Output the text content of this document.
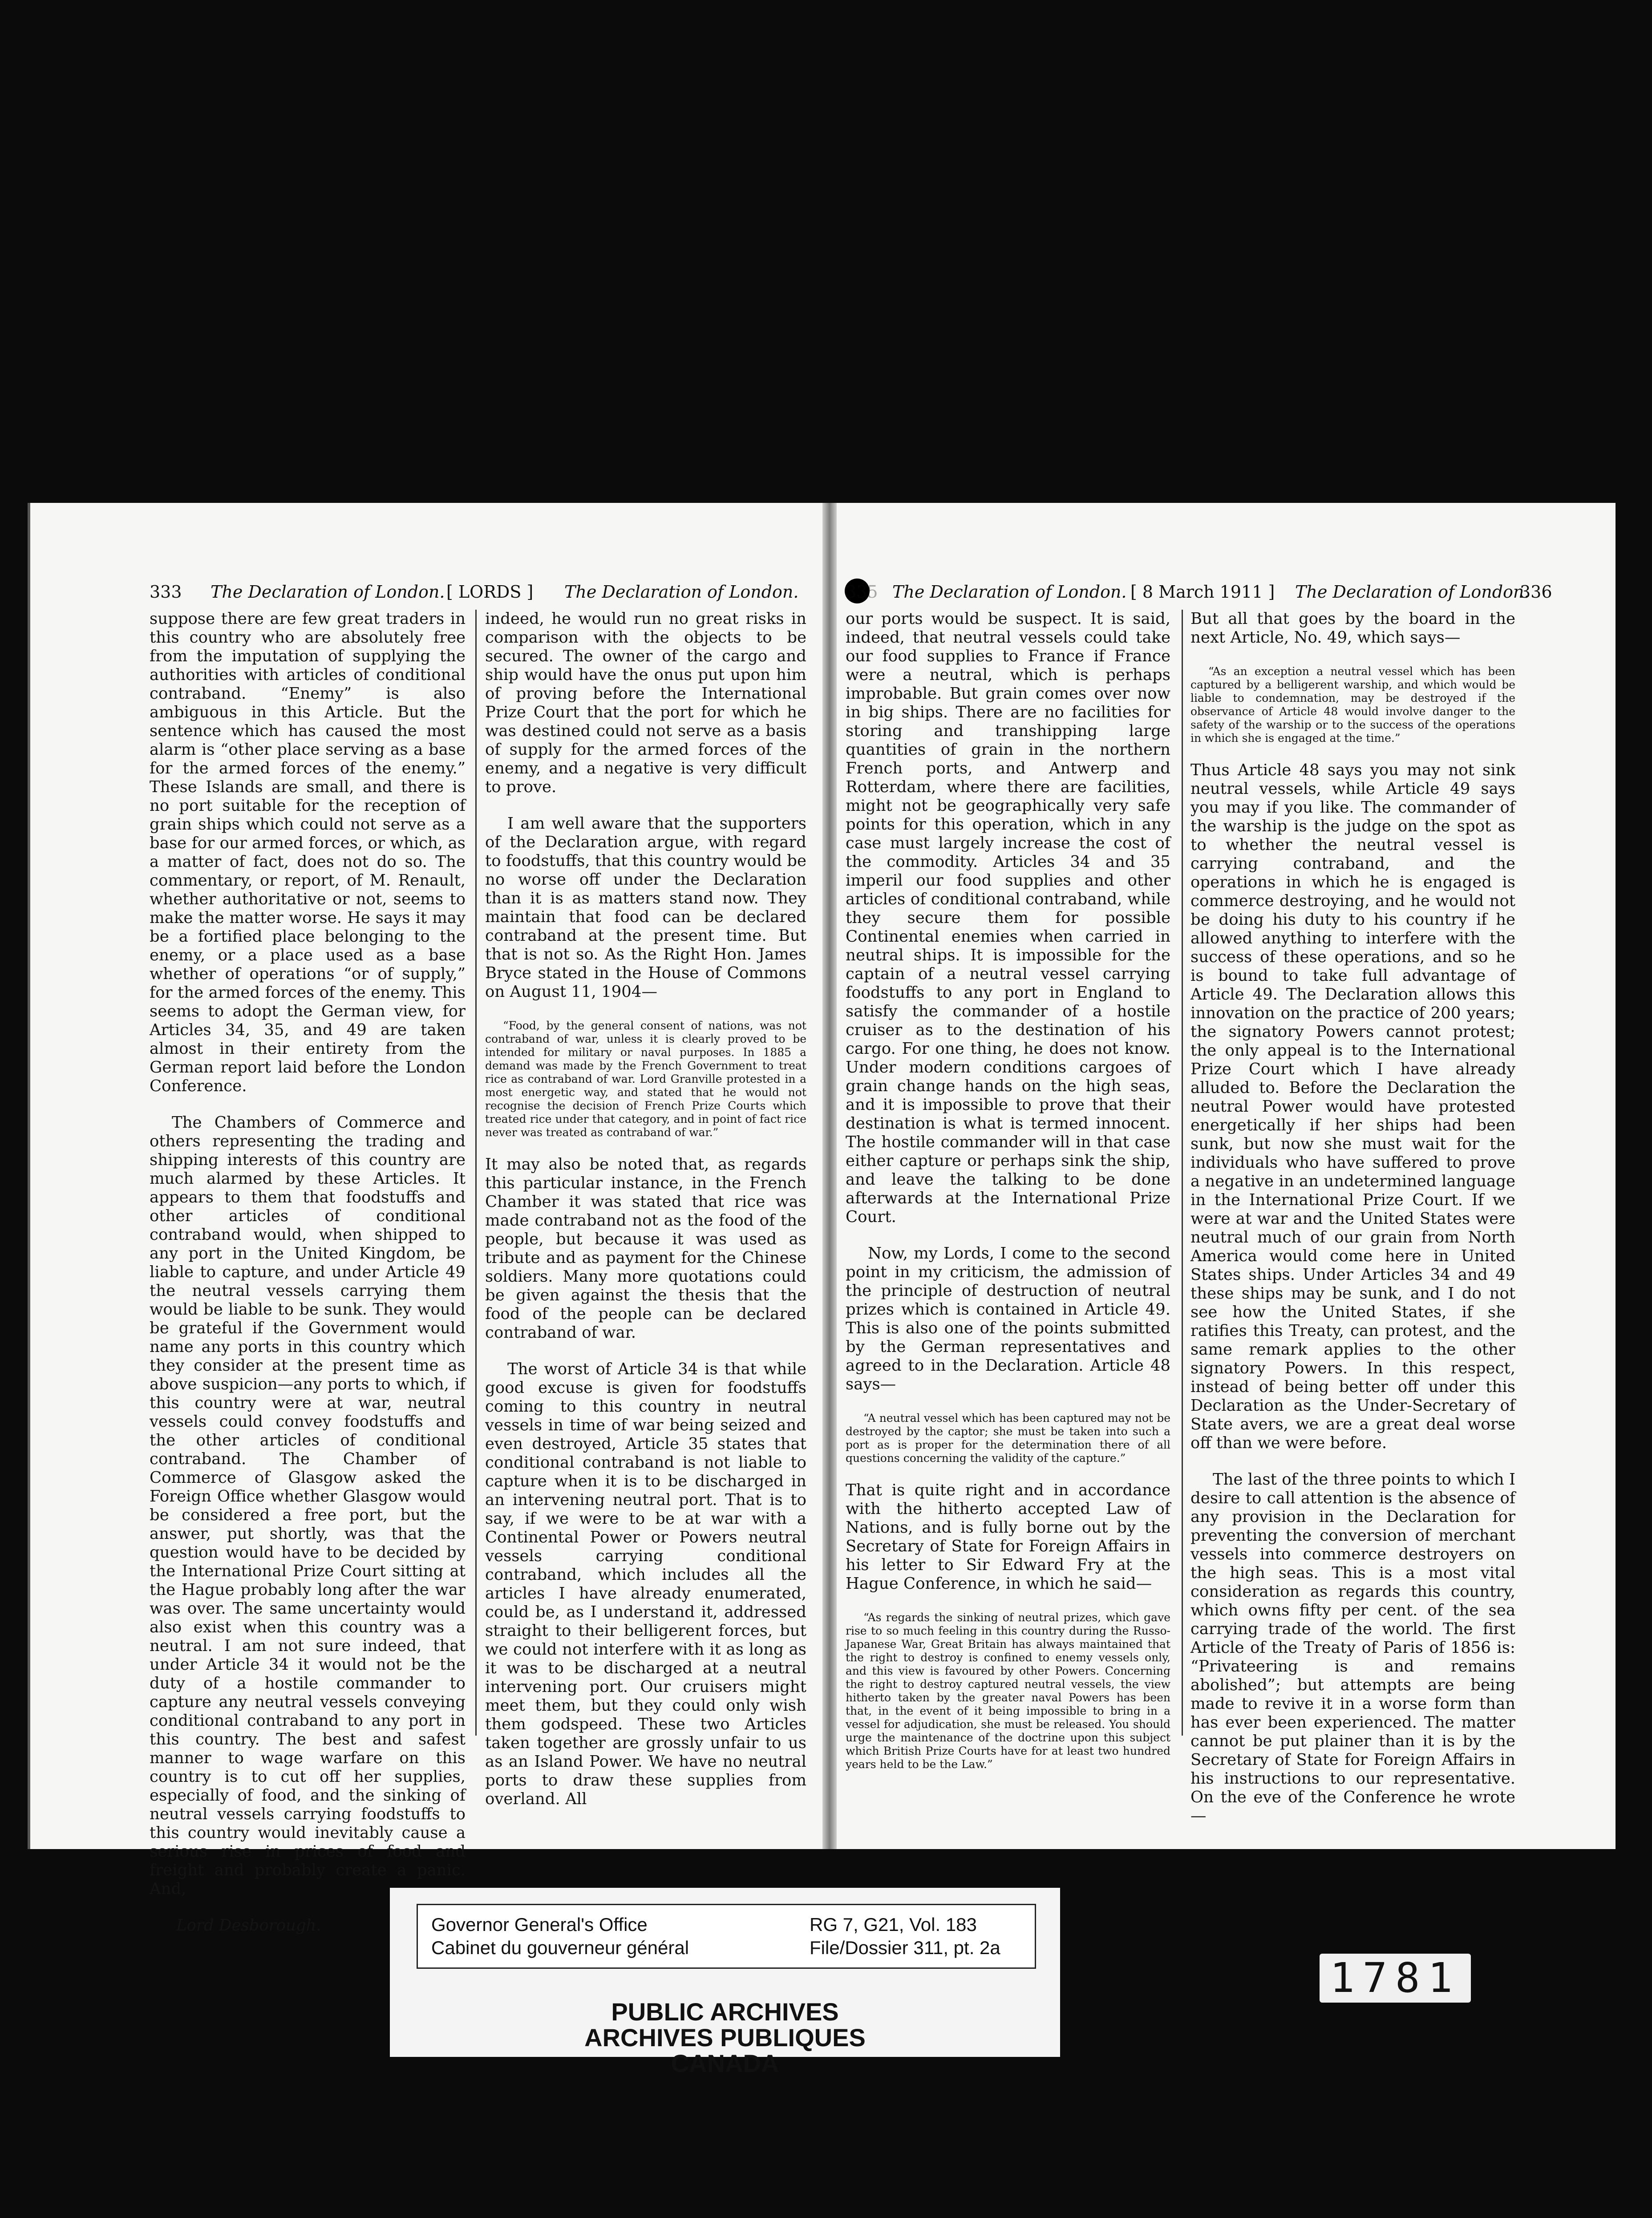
333 The Declaration of London. [ LORDS ] The Declaration of London.

suppose there are few great traders in this country who are absolutely free from the imputation of supplying the authorities with articles of conditional contraband. “Enemy” is also ambiguous in this Article. But the sentence which has caused the most alarm is “other place serving as a base for the armed forces of the enemy.” These Islands are small, and there is no port suitable for the reception of grain ships which could not serve as a base for our armed forces, or which, as a matter of fact, does not do so. The commentary, or report, of M. Renault, whether authoritative or not, seems to make the matter worse. He says it may be a fortified place belonging to the enemy, or a place used as a base whether of operations “or of supply,” for the armed forces of the enemy. This seems to adopt the German view, for Articles 34, 35, and 49 are taken almost in their entirety from the German report laid before the London Conference.

The Chambers of Commerce and others representing the trading and shipping interests of this country are much alarmed by these Articles. It appears to them that foodstuffs and other articles of conditional contraband would, when shipped to any port in the United Kingdom, be liable to capture, and under Article 49 the neutral vessels carrying them would be liable to be sunk. They would be grateful if the Government would name any ports in this country which they consider at the present time as above suspicion—any ports to which, if this country were at war, neutral vessels could convey foodstuffs and the other articles of conditional contraband. The Chamber of Commerce of Glasgow asked the Foreign Office whether Glasgow would be considered a free port, but the answer, put shortly, was that the question would have to be decided by the International Prize Court sitting at the Hague probably long after the war was over. The same uncertainty would also exist when this country was a neutral. I am not sure indeed, that under Article 34 it would not be the duty of a hostile commander to capture any neutral vessels conveying conditional contraband to any port in this country. The best and safest manner to wage warfare on this country is to cut off her supplies, especially of food, and the sinking of neutral vessels carrying foodstuffs to this country would inevitably cause a serious rise in prices of food and freight and probably create a panic. And,

Lord Desborough.

indeed, he would run no great risks in comparison with the objects to be secured. The owner of the cargo and ship would have the onus put upon him of proving before the International Prize Court that the port for which he was destined could not serve as a basis of supply for the armed forces of the enemy, and a negative is very difficult to prove.

I am well aware that the supporters of the Declaration argue, with regard to foodstuffs, that this country would be no worse off under the Declaration than it is as matters stand now. They maintain that food can be declared contraband at the present time. But that is not so. As the Right Hon. James Bryce stated in the House of Commons on August 11, 1904—

“Food, by the general consent of nations, was not contraband of war, unless it is clearly proved to be intended for military or naval purposes. In 1885 a demand was made by the French Government to treat rice as contraband of war. Lord Granville protested in a most energetic way, and stated that he would not recognise the decision of French Prize Courts which treated rice under that category, and in point of fact rice never was treated as contraband of war.”

It may also be noted that, as regards this particular instance, in the French Chamber it was stated that rice was made contraband not as the food of the people, but because it was used as tribute and as payment for the Chinese soldiers. Many more quotations could be given against the thesis that the food of the people can be declared contraband of war.

The worst of Article 34 is that while good excuse is given for foodstuffs coming to this country in neutral vessels in time of war being seized and even destroyed, Article 35 states that conditional contraband is not liable to capture when it is to be discharged in an intervening neutral port. That is to say, if we were to be at war with a Continental Power or Powers neutral vessels carrying conditional contraband, which includes all the articles I have already enumerated, could be, as I understand it, addressed straight to their belligerent forces, but we could not interfere with it as long as it was to be discharged at a neutral intervening port. Our cruisers might meet them, but they could only wish them godspeed. These two Articles taken together are grossly unfair to us as an Island Power. We have no neutral ports to draw these supplies from overland. All

335 The Declaration of London. [ 8 March 1911 ] The Declaration of London.
336

our ports would be suspect. It is said, indeed, that neutral vessels could take our food supplies to France if France were a neutral, which is perhaps improbable. But grain comes over now in big ships. There are no facilities for storing and transhipping large quantities of grain in the northern French ports, and Antwerp and Rotterdam, where there are facilities, might not be geographically very safe points for this operation, which in any case must largely increase the cost of the commodity. Articles 34 and 35 imperil our food supplies and other articles of conditional contraband, while they secure them for possible Continental enemies when carried in neutral ships. It is impossible for the captain of a neutral vessel carrying foodstuffs to any port in England to satisfy the commander of a hostile cruiser as to the destination of his cargo. For one thing, he does not know. Under modern conditions cargoes of grain change hands on the high seas, and it is impossible to prove that their destination is what is termed innocent. The hostile commander will in that case either capture or perhaps sink the ship, and leave the talking to be done afterwards at the International Prize Court.

Now, my Lords, I come to the second point in my criticism, the admission of the principle of destruction of neutral prizes which is contained in Article 49. This is also one of the points submitted by the German representatives and agreed to in the Declaration. Article 48 says—

“A neutral vessel which has been captured may not be destroyed by the captor; she must be taken into such a port as is proper for the determination there of all questions concerning the validity of the capture.”

That is quite right and in accordance with the hitherto accepted Law of Nations, and is fully borne out by the Secretary of State for Foreign Affairs in his letter to Sir Edward Fry at the Hague Conference, in which he said—

“As regards the sinking of neutral prizes, which gave rise to so much feeling in this country during the Russo-Japanese War, Great Britain has always maintained that the right to destroy is confined to enemy vessels only, and this view is favoured by other Powers. Concerning the right to destroy captured neutral vessels, the view hitherto taken by the greater naval Powers has been that, in the event of it being impossible to bring in a vessel for adjudication, she must be released. You should urge the maintenance of the doctrine upon this subject which British Prize Courts have for at least two hundred years held to be the Law.”

But all that goes by the board in the next Article, No. 49, which says—

“As an exception a neutral vessel which has been captured by a belligerent warship, and which would be liable to condemnation, may be destroyed if the observance of Article 48 would involve danger to the safety of the warship or to the success of the operations in which she is engaged at the time.”

Thus Article 48 says you may not sink neutral vessels, while Article 49 says you may if you like. The commander of the warship is the judge on the spot as to whether the neutral vessel is carrying contraband, and the operations in which he is engaged is commerce destroying, and he would not be doing his duty to his country if he allowed anything to interfere with the success of these operations, and so he is bound to take full advantage of Article 49. The Declaration allows this innovation on the practice of 200 years; the signatory Powers cannot protest; the only appeal is to the International Prize Court which I have already alluded to. Before the Declaration the neutral Power would have protested energetically if her ships had been sunk, but now she must wait for the individuals who have suffered to prove a negative in an undetermined language in the International Prize Court. If we were at war and the United States were neutral much of our grain from North America would come here in United States ships. Under Articles 34 and 49 these ships may be sunk, and I do not see how the United States, if she ratifies this Treaty, can protest, and the same remark applies to the other signatory Powers. In this respect, instead of being better off under this Declaration as the Under-Secretary of State avers, we are a great deal worse off than we were before.

The last of the three points to which I desire to call attention is the absence of any provision in the Declaration for preventing the conversion of merchant vessels into commerce destroyers on the high seas. This is a most vital consideration as regards this country, which owns fifty per cent. of the sea carrying trade of the world. The first Article of the Treaty of Paris of 1856 is: “Privateering is and remains abolished”; but attempts are being made to revive it in a worse form than has ever been experienced. The matter cannot be put plainer than it is by the Secretary of State for Foreign Affairs in his instructions to our representative. On the eve of the Conference he wrote—

Governor General's Office
Cabinet du gouverneur général
RG 7, G21, Vol. 183
File/Dossier 311, pt. 2a
PUBLIC ARCHIVES
ARCHIVES PUBLIQUES
CANADA
1781
